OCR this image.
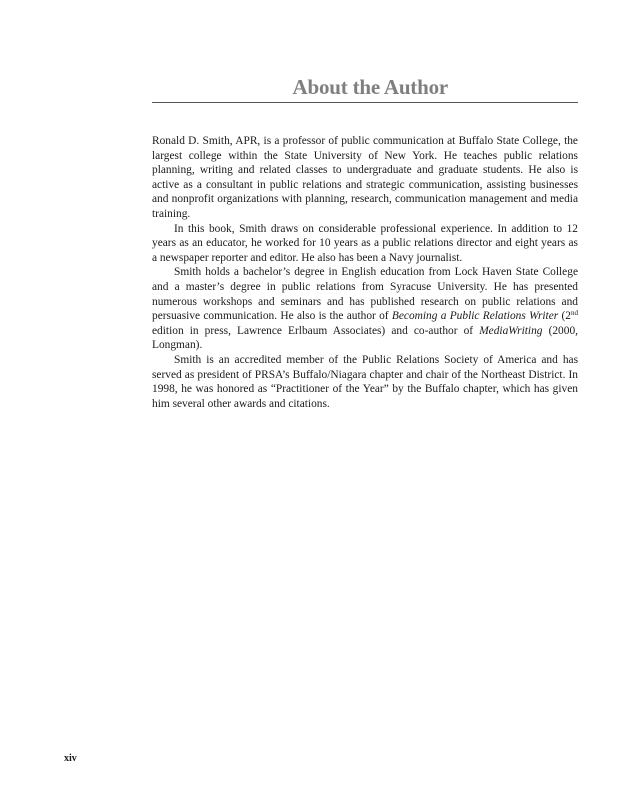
About the Author

Ronald D. Smith, APR, is a professor of public communication at Buffalo State College, the largest college within the State University of New York. He teaches public relations planning, writing and related classes to undergraduate and graduate students. He also is active as a consultant in public relations and strategic communication, assisting businesses and nonprofit organizations with planning, research, communication management and media training.

In this book, Smith draws on considerable professional experience. In addition to 12 years as an educator, he worked for 10 years as a public relations director and eight years as a newspaper reporter and editor. He also has been a Navy journalist.

Smith holds a bachelor’s degree in English education from Lock Haven State College and a master’s degree in public relations from Syracuse University. He has presented numerous workshops and seminars and has published research on public relations and persuasive communication. He also is the author of Becoming a Public Relations Writer (2nd edition in press, Lawrence Erlbaum Associates) and co-author of MediaWriting (2000, Longman).

Smith is an accredited member of the Public Relations Society of America and has served as president of PRSA’s Buffalo/Niagara chapter and chair of the Northeast District. In 1998, he was honored as “Practitioner of the Year” by the Buffalo chapter, which has given him several other awards and citations.

xiv
